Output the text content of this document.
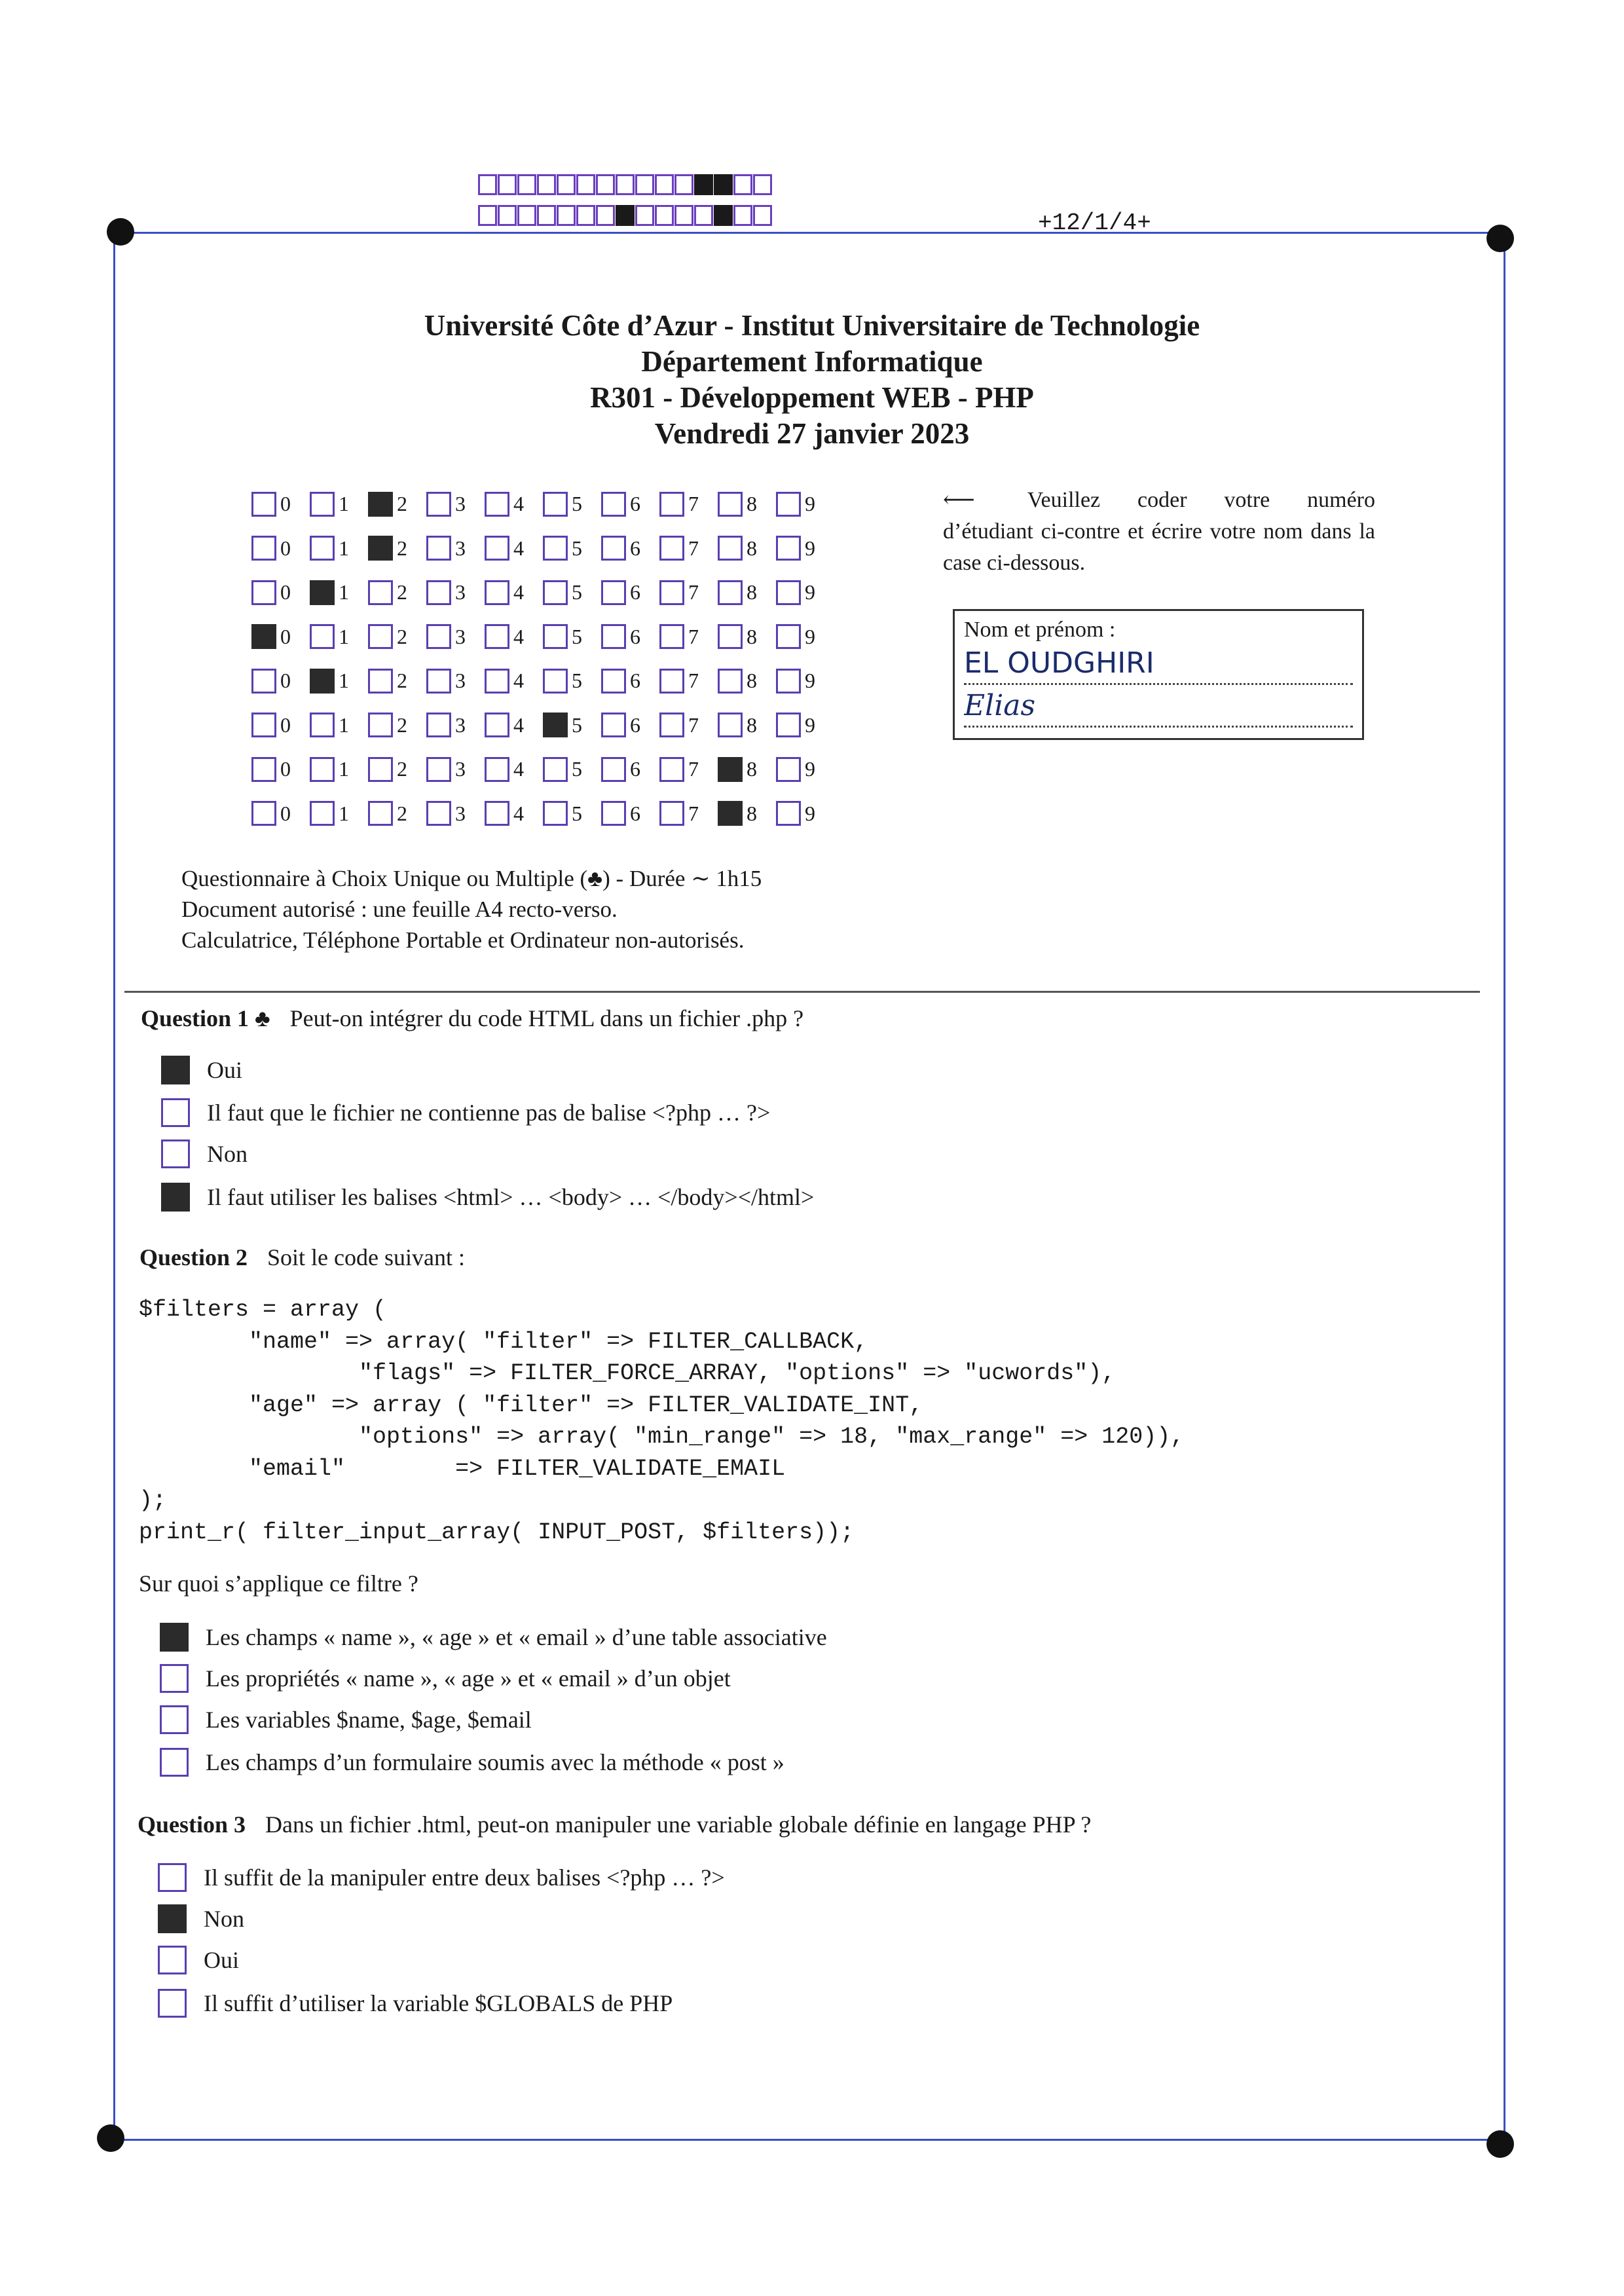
+12/1/4+
Université Côte d’Azur - Institut Universitaire de Technologie
Département Informatique
R301 - Développement WEB - PHP
Vendredi 27 janvier 2023
0 1 2 3 4 5 6 7 8 9
0 1 2 3 4 5 6 7 8 9
0 1 2 3 4 5 6 7 8 9
0 1 2 3 4 5 6 7 8 9
0 1 2 3 4 5 6 7 8 9
0 1 2 3 4 5 6 7 8 9
0 1 2 3 4 5 6 7 8 9
0 1 2 3 4 5 6 7 8 9
⟵ Veuillez coder votre numéro d’étudiant ci-contre et écrire votre nom dans la case ci-dessous.
Nom et prénom :
EL OUDGHIRI
Elias
Questionnaire à Choix Unique ou Multiple (♣) - Durée ∼ 1h15
Document autorisé : une feuille A4 recto-verso.
Calculatrice, Téléphone Portable et Ordinateur non-autorisés.
Question 1 ♣ Peut-on intégrer du code HTML dans un fichier .php ?
Oui
Il faut que le fichier ne contienne pas de balise <?php … ?>
Non
Il faut utiliser les balises <html> … <body> … </body></html>
Question 2 Soit le code suivant :
$filters = array (
"name" => array( "filter" => FILTER_CALLBACK,
"flags" => FILTER_FORCE_ARRAY, "options" => "ucwords"),
"age" => array ( "filter" => FILTER_VALIDATE_INT,
"options" => array( "min_range" => 18, "max_range" => 120)),
"email"        => FILTER_VALIDATE_EMAIL
);
print_r( filter_input_array( INPUT_POST, $filters));
Sur quoi s’applique ce filtre ?
Les champs « name », « age » et « email » d’une table associative
Les propriétés « name », « age » et « email » d’un objet
Les variables $name, $age, $email
Les champs d’un formulaire soumis avec la méthode « post »
Question 3 Dans un fichier .html, peut-on manipuler une variable globale définie en langage PHP ?
Il suffit de la manipuler entre deux balises <?php … ?>
Non
Oui
Il suffit d’utiliser la variable $GLOBALS de PHP
